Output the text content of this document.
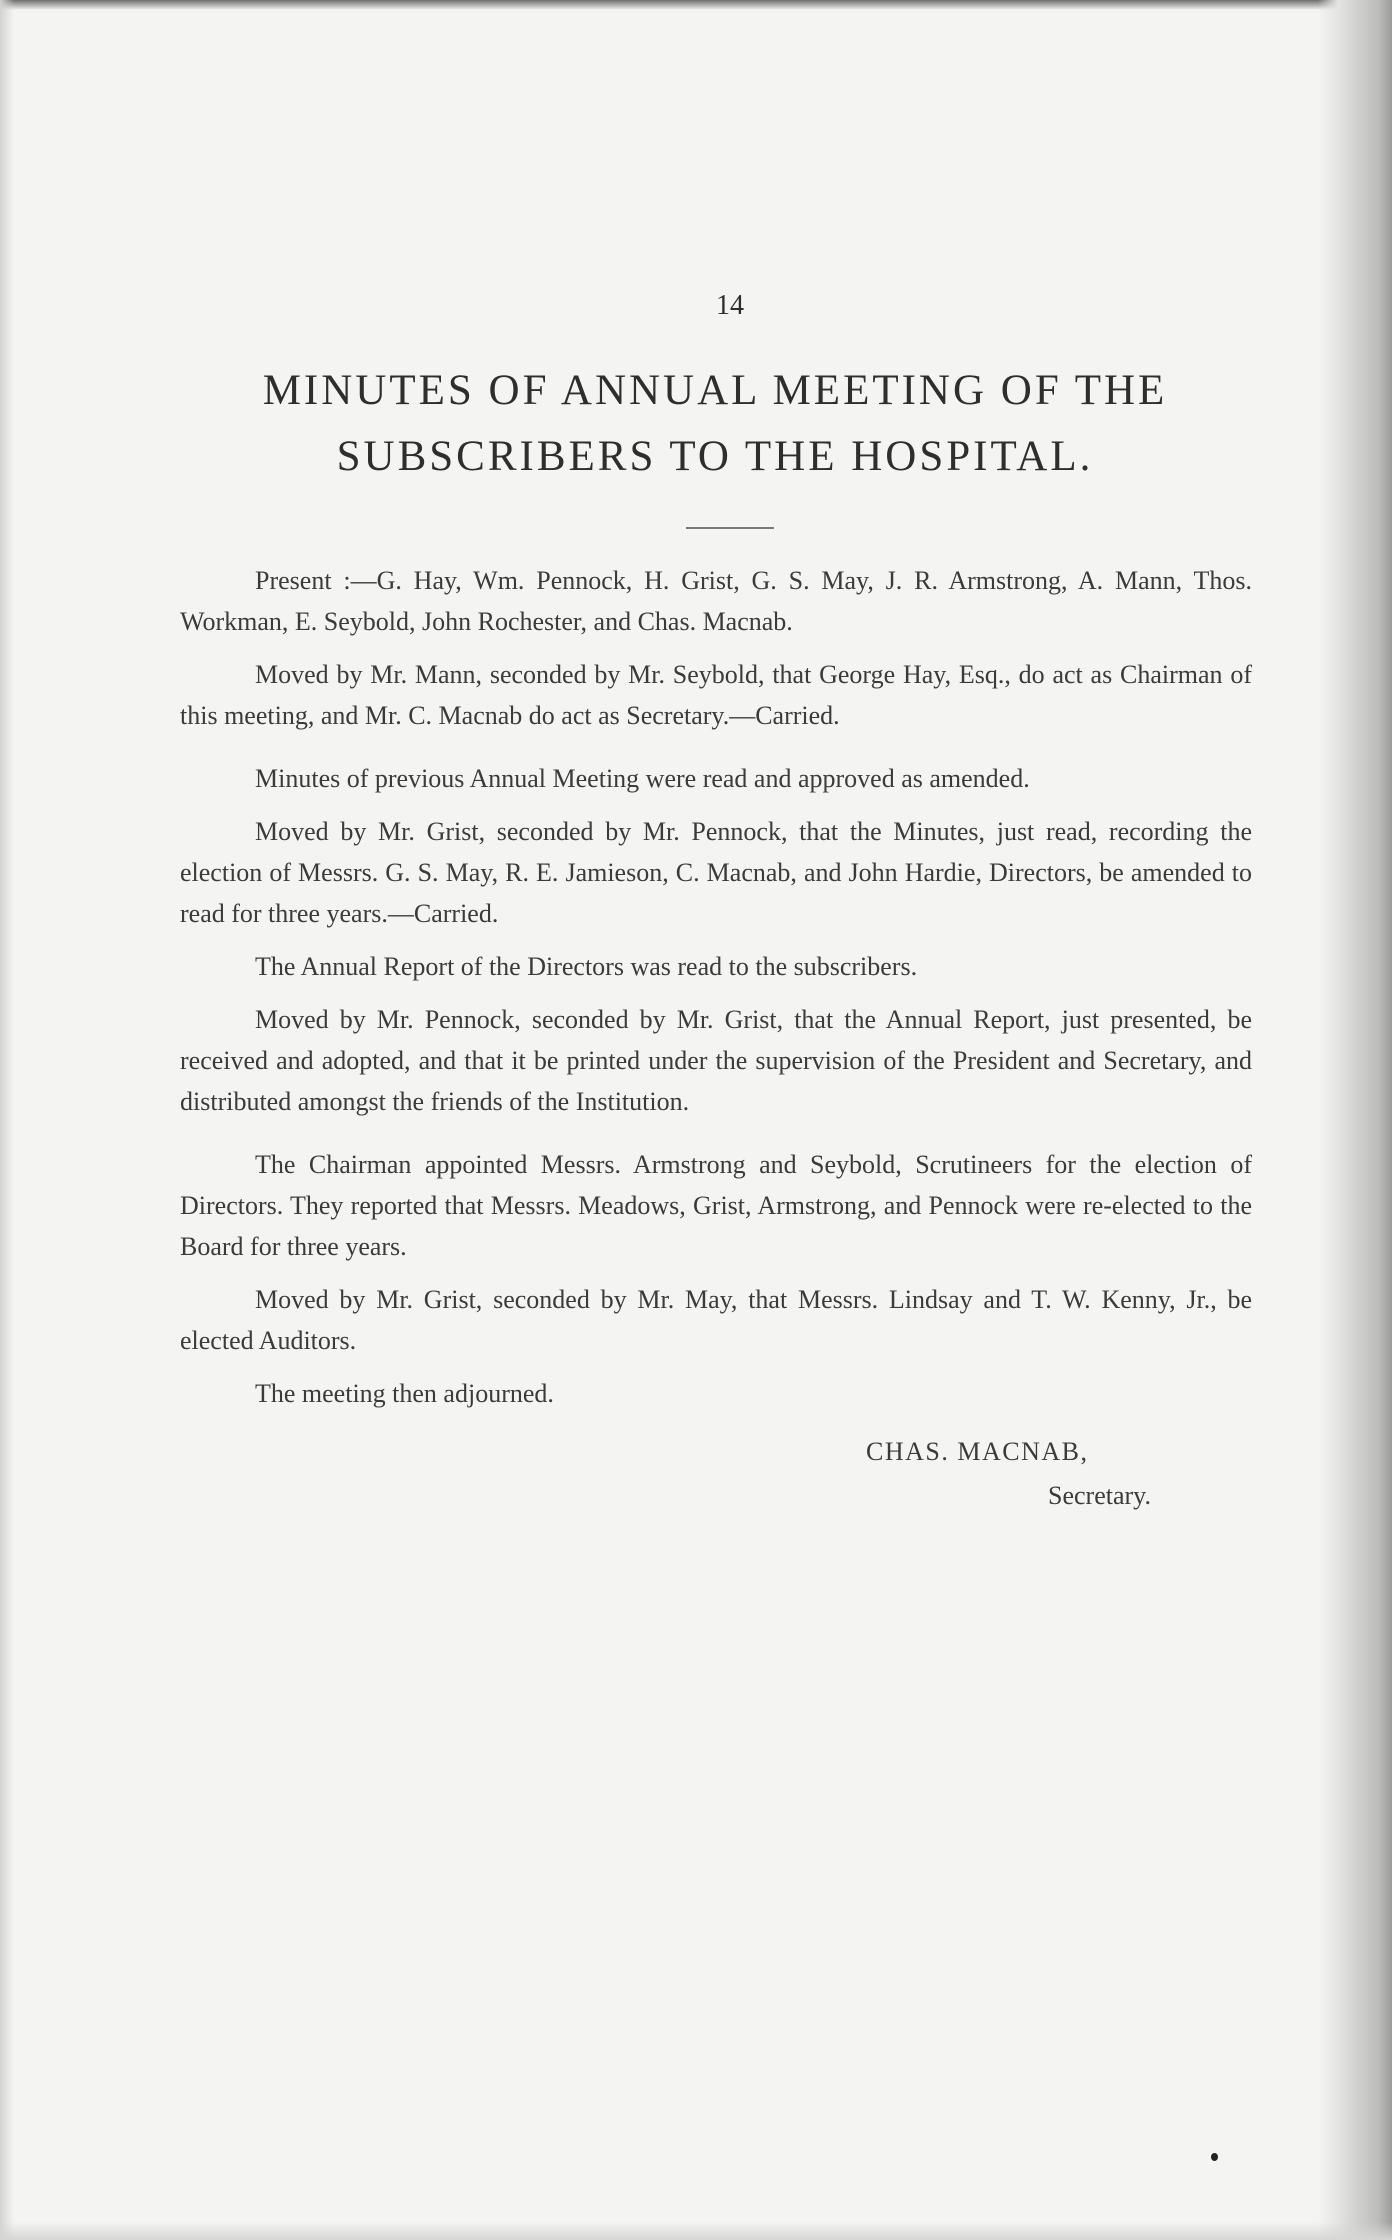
14
MINUTES OF ANNUAL MEETING OF THE
SUBSCRIBERS TO THE HOSPITAL.

Present :—G. Hay, Wm. Pennock, H. Grist, G. S. May, J. R. Armstrong, A. Mann, Thos. Workman, E. Seybold, John Rochester, and Chas. Macnab.

Moved by Mr. Mann, seconded by Mr. Seybold, that George Hay, Esq., do act as Chairman of this meeting, and Mr. C. Macnab do act as Secretary.—Carried.

Minutes of previous Annual Meeting were read and approved as amended.

Moved by Mr. Grist, seconded by Mr. Pennock, that the Minutes, just read, recording the election of Messrs. G. S. May, R. E. Jamieson, C. Macnab, and John Hardie, Directors, be amended to read for three years.—Carried.

The Annual Report of the Directors was read to the subscribers.

Moved by Mr. Pennock, seconded by Mr. Grist, that the Annual Report, just presented, be received and adopted, and that it be printed under the supervision of the President and Secretary, and distributed amongst the friends of the Institution.

The Chairman appointed Messrs. Armstrong and Seybold, Scrutineers for the election of Directors. They reported that Messrs. Meadows, Grist, Armstrong, and Pennock were re-elected to the Board for three years.

Moved by Mr. Grist, seconded by Mr. May, that Messrs. Lindsay and T. W. Kenny, Jr., be elected Auditors.

The meeting then adjourned.

CHAS. MACNAB,
Secretary.
